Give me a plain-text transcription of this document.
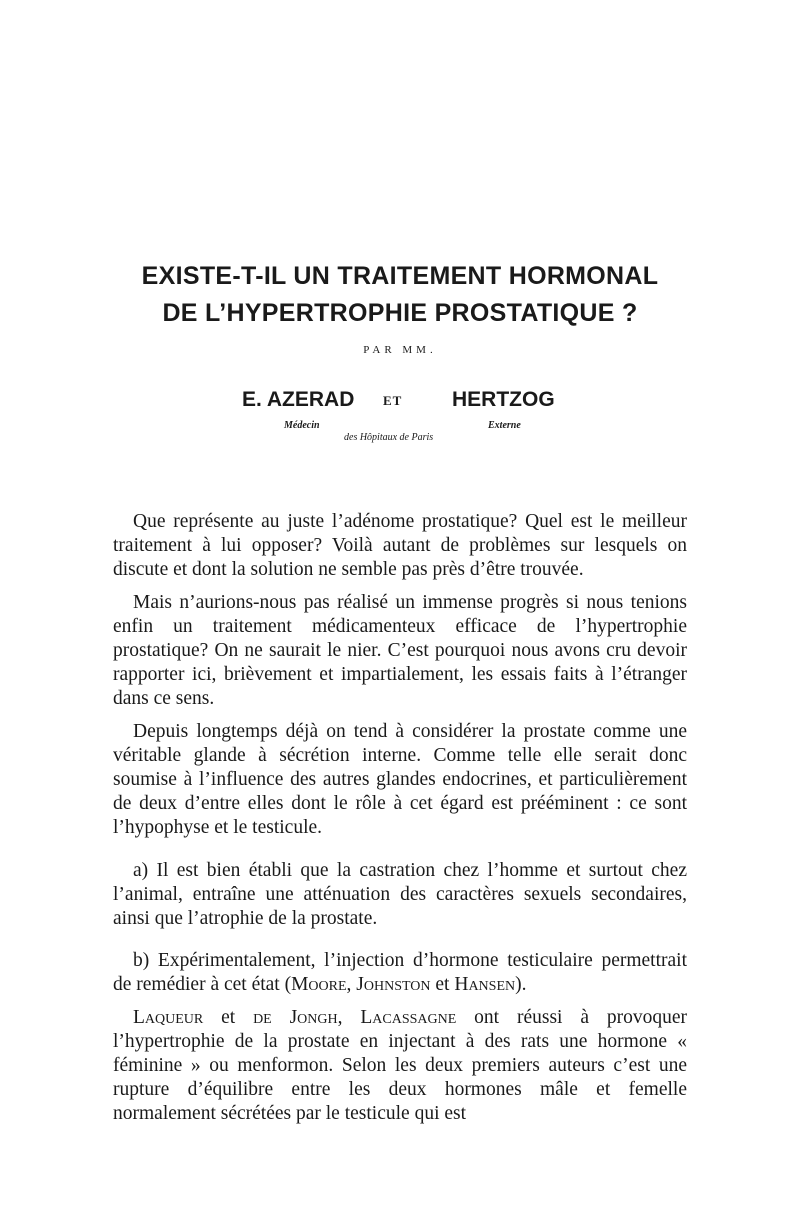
EXISTE-T-IL UN TRAITEMENT HORMONAL
DE L’HYPERTROPHIE PROSTATIQUE ?
PAR MM.
E. AZERAD ET HERTZOG
Médecin	Externe
des Hôpitaux de Paris

Que représente au juste l’adénome prostatique? Quel est le meilleur traitement à lui opposer? Voilà autant de problèmes sur lesquels on discute et dont la solution ne semble pas près d’être trouvée.

Mais n’aurions-nous pas réalisé un immense progrès si nous tenions enfin un traitement médicamenteux efficace de l’hypertrophie prostatique? On ne saurait le nier. C’est pourquoi nous avons cru devoir rapporter ici, brièvement et impartialement, les essais faits à l’étranger dans ce sens.

Depuis longtemps déjà on tend à considérer la prostate comme une véritable glande à sécrétion interne. Comme telle elle serait donc soumise à l’influence des autres glandes endocrines, et particulièrement de deux d’entre elles dont le rôle à cet égard est prééminent : ce sont l’hypophyse et le testicule.

a) Il est bien établi que la castration chez l’homme et surtout chez l’animal, entraîne une atténuation des caractères sexuels secondaires, ainsi que l’atrophie de la prostate.

b) Expérimentalement, l’injection d’hormone testiculaire permettrait de remédier à cet état (Moore, Johnston et Hansen).

Laqueur et de Jongh, Lacassagne ont réussi à provoquer l’hypertrophie de la prostate en injectant à des rats une hormone « féminine » ou menformon. Selon les deux premiers auteurs c’est une rupture d’équilibre entre les deux hormones mâle et femelle normalement sécrétées par le testicule qui est
